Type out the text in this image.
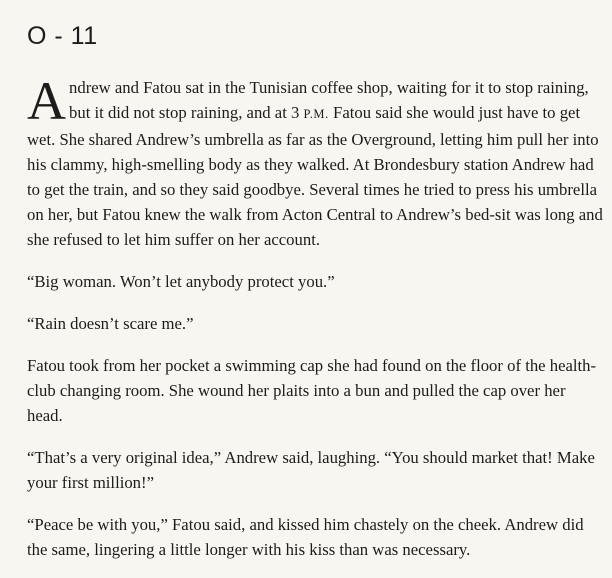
O - 11

Andrew and Fatou sat in the Tunisian coffee shop, waiting for it to stop raining, but it did not stop raining, and at 3 P.M. Fatou said she would just have to get wet. She shared Andrew’s umbrella as far as the Overground, letting him pull her into his clammy, high-smelling body as they walked. At Brondesbury station Andrew had to get the train, and so they said goodbye. Several times he tried to press his umbrella on her, but Fatou knew the walk from Acton Central to Andrew’s bed-sit was long and she refused to let him suffer on her account.

“Big woman. Won’t let anybody protect you.”

“Rain doesn’t scare me.”

Fatou took from her pocket a swimming cap she had found on the floor of the health-club changing room. She wound her plaits into a bun and pulled the cap over her head.

“That’s a very original idea,” Andrew said, laughing. “You should market that! Make your first million!”

“Peace be with you,” Fatou said, and kissed him chastely on the cheek. Andrew did the same, lingering a little longer with his kiss than was necessary.
